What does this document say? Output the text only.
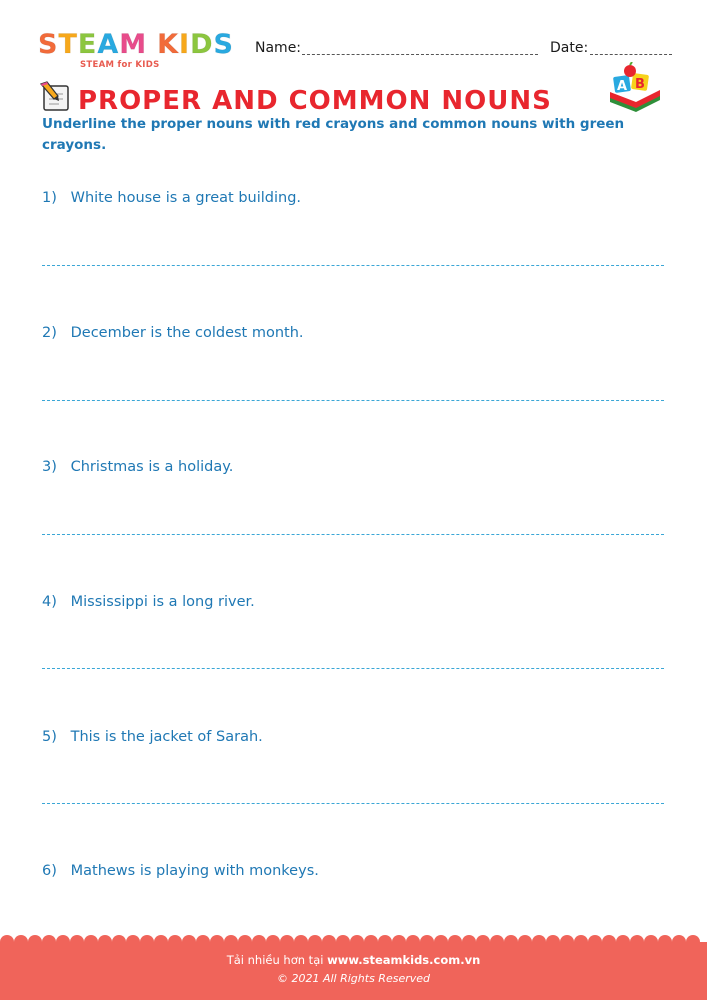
STEAM KIDS
STEAM for KIDS
Name:	Date:
PROPER AND COMMON NOUNS	A B
Underline the proper nouns with red crayons and common nouns with green crayons.
1) White house is a great building.
2) December is the coldest month.
3) Christmas is a holiday.
4) Mississippi is a long river.
5) This is the jacket of Sarah.
6) Mathews is playing with monkeys.
Tải nhiều hơn tại www.steamkids.com.vn
© 2021 All Rights Reserved
